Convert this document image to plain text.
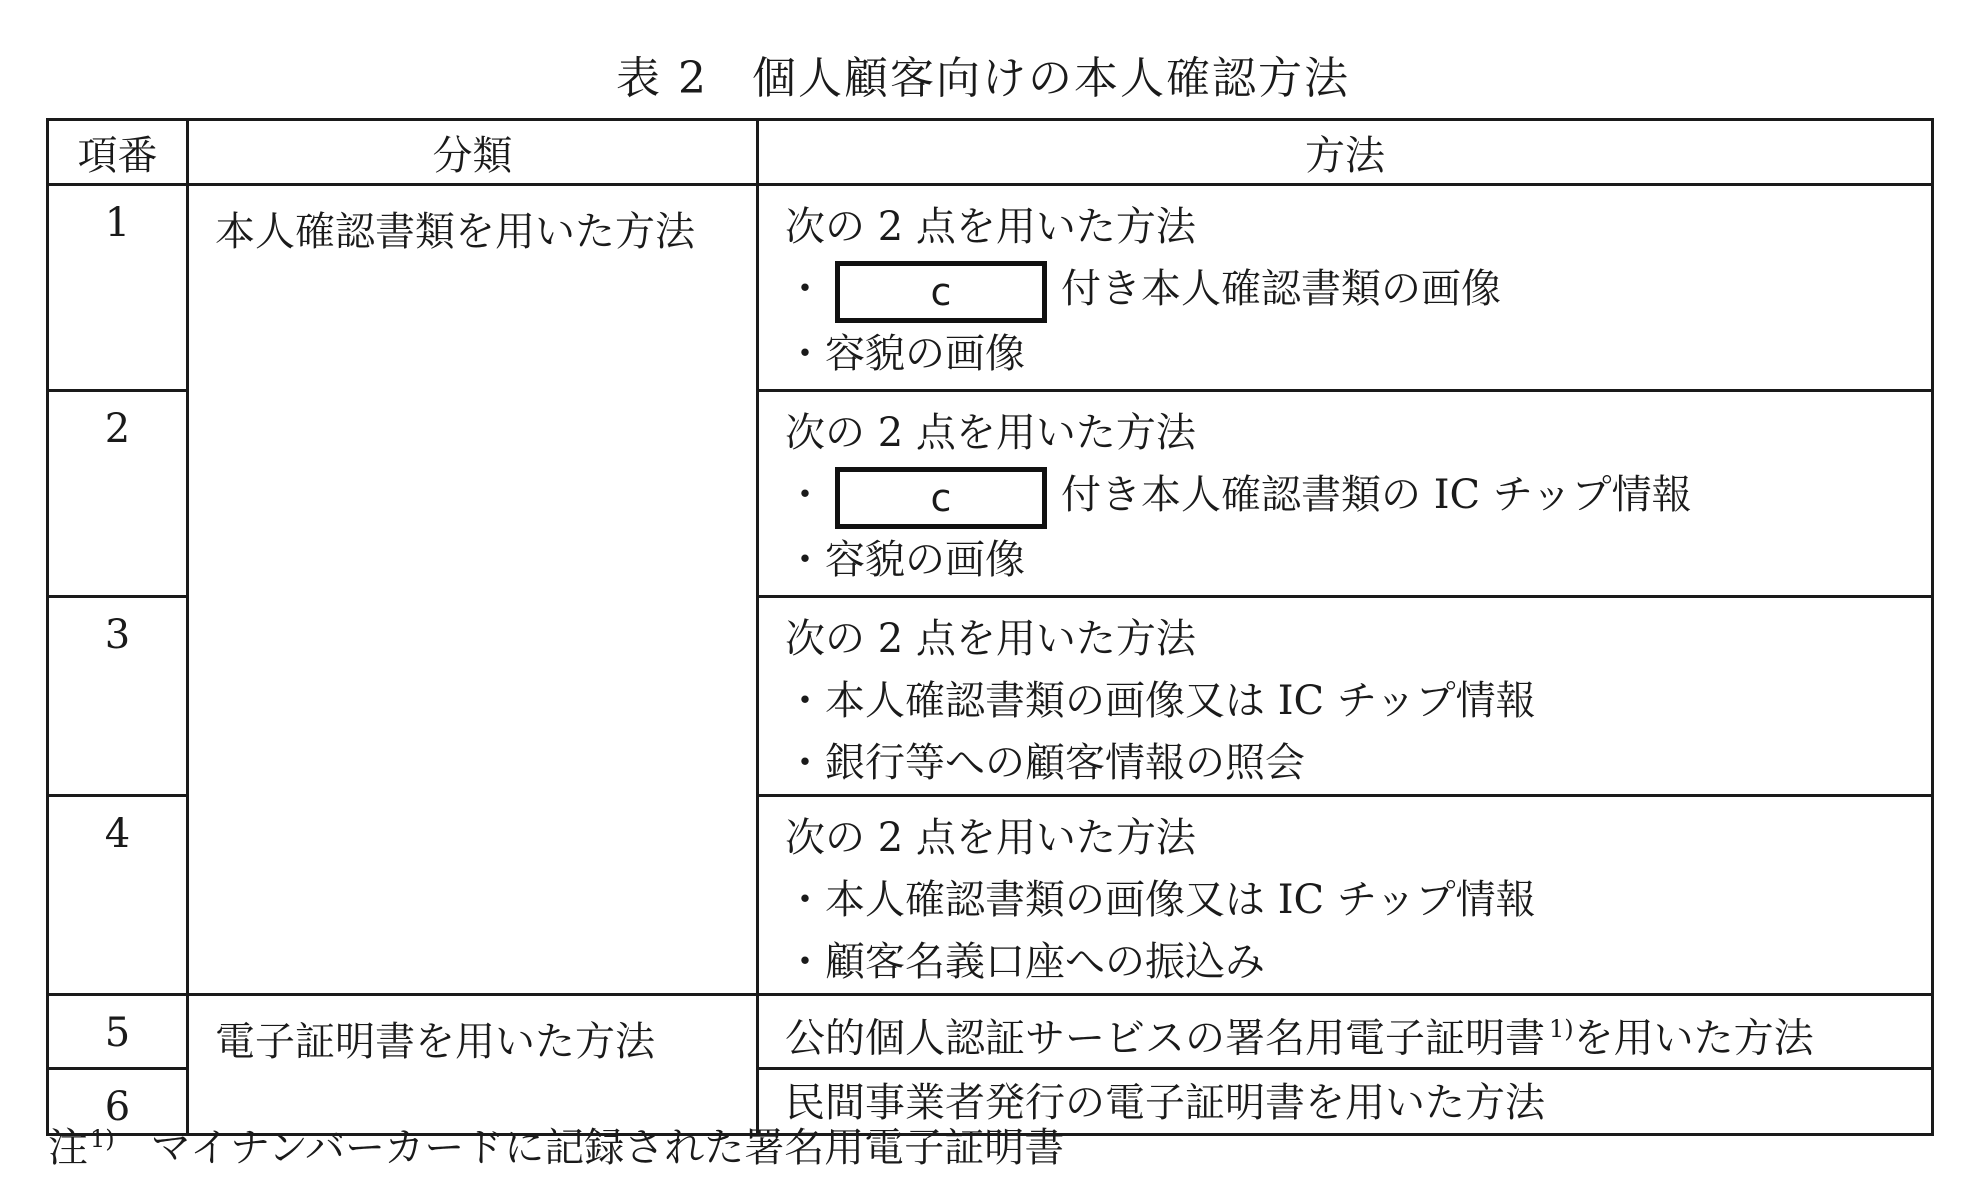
表 2 個人顧客向けの本人確認方法
項番	分類	方法
1	本人確認書類を用いた方法	次の 2 点を用いた方法
・ c 付き本人確認書類の画像
・容貌の画像

2		次の 2 点を用いた方法
・ c 付き本人確認書類の IC チップ情報
・容貌の画像

3		次の 2 点を用いた方法
・本人確認書類の画像又は IC チップ情報
・銀行等への顧客情報の照会

4		次の 2 点を用いた方法
・本人確認書類の画像又は IC チップ情報
・顧客名義口座への振込み

5	電子証明書を用いた方法	公的個人認証サービスの署名用電子証明書 $^{1)}$を用いた方法

6		民間事業者発行の電子証明書を用いた方法
注$^{1)}$ マイナンバーカードに記録された署名用電子証明書
